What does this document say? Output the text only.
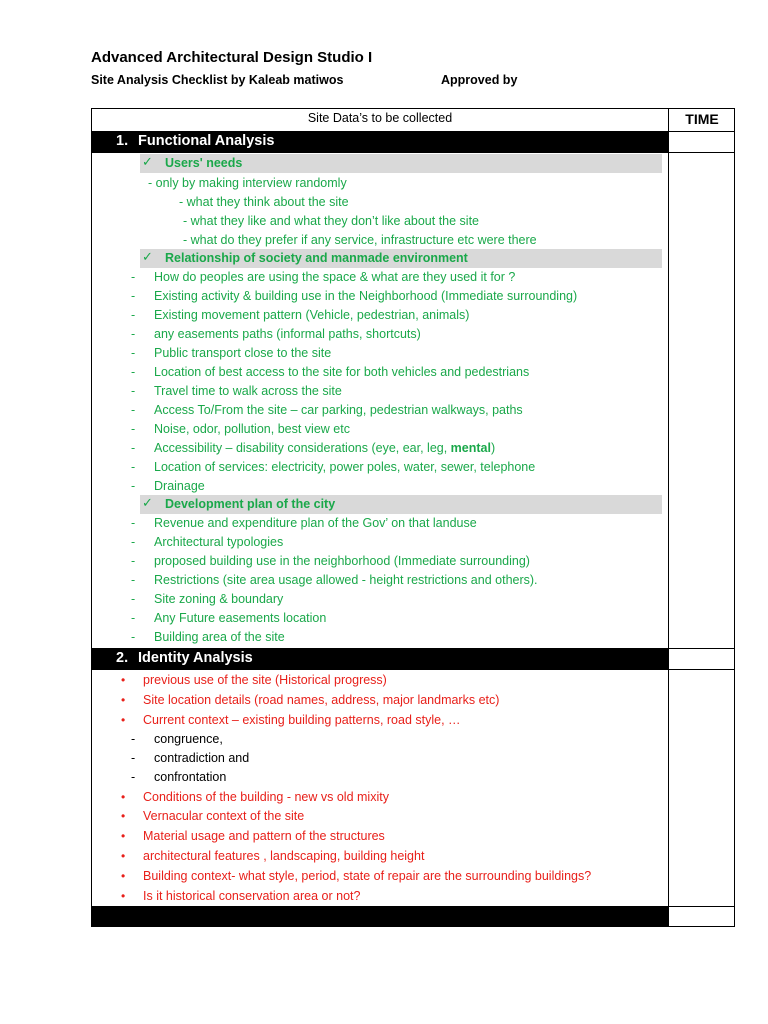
Advanced Architectural Design Studio I
Site Analysis Checklist by Kaleab matiwos	Approved by
Site Data’s to be collected	TIME
1. Functional Analysis
✓ Users' needs
- only by making interview randomly
- what they think about the site
- what they like and what they don’t like about the site
- what do they prefer if any service, infrastructure etc were there
✓ Relationship of society and manmade environment
- How do peoples are using the space & what are they used it for ?
- Existing activity & building use in the Neighborhood (Immediate surrounding)
- Existing movement pattern (Vehicle, pedestrian, animals)
- any easements paths (informal paths, shortcuts)
- Public transport close to the site
- Location of best access to the site for both vehicles and pedestrians
- Travel time to walk across the site
- Access To/From the site – car parking, pedestrian walkways, paths
- Noise, odor, pollution, best view etc
- Accessibility – disability considerations (eye, ear, leg, mental)
- Location of services: electricity, power poles, water, sewer, telephone
- Drainage
✓ Development plan of the city
- Revenue and expenditure plan of the Gov’ on that landuse
- Architectural typologies
- proposed building use in the neighborhood (Immediate surrounding)
- Restrictions (site area usage allowed - height restrictions and others).
- Site zoning & boundary
- Any Future easements location
- Building area of the site
2. Identity Analysis
• previous use of the site (Historical progress)
• Site location details (road names, address, major landmarks etc)
• Current context – existing building patterns, road style, …
- congruence,
- contradiction and
- confrontation
• Conditions of the building - new vs old mixity
• Vernacular context of the site
• Material usage and pattern of the structures
• architectural features , landscaping, building height
• Building context- what style, period, state of repair are the surrounding buildings?
• Is it historical conservation area or not?
